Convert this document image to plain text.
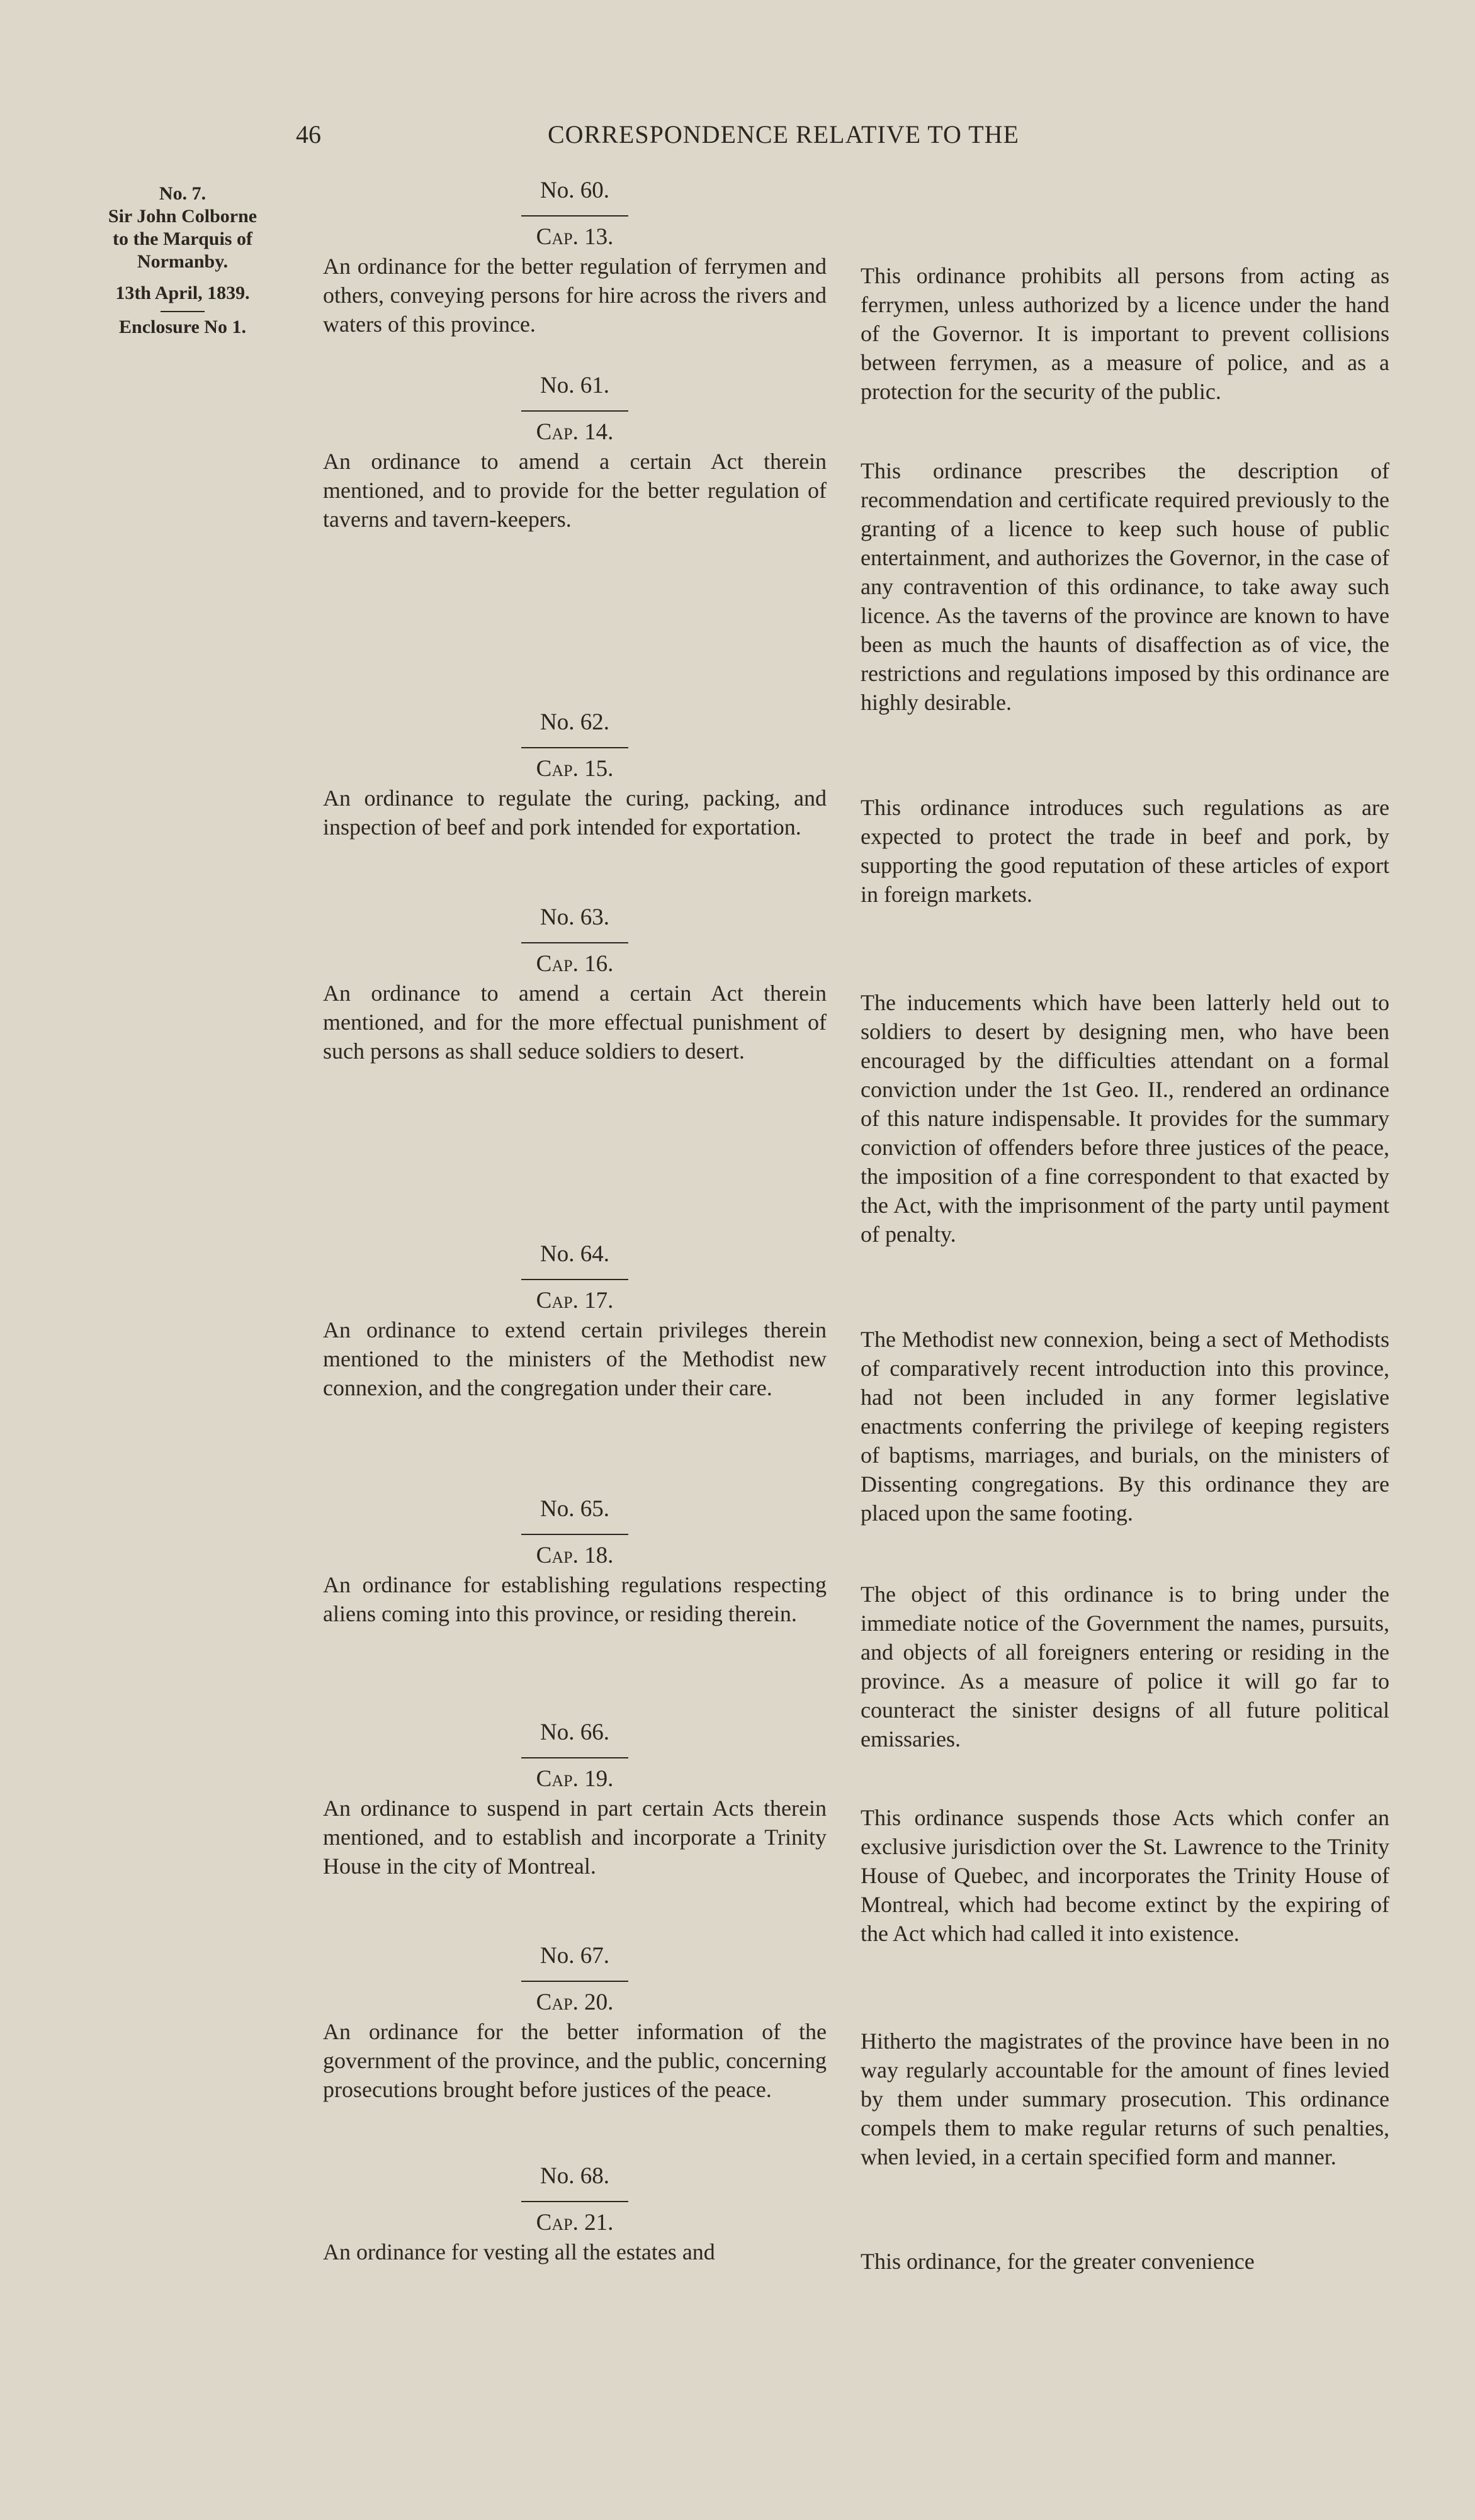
46	CORRESPONDENCE RELATIVE TO THE
No. 7.
Sir John Colborne
to the Marquis of
Normanby.
13th April, 1839.
Enclosure No 1.
No. 60.
Cap. 13.
An ordinance for the better regulation of ferrymen and others, conveying persons for hire across the rivers and waters of this province.
No. 61.
Cap. 14.
An ordinance to amend a certain Act therein mentioned, and to provide for the better regulation of taverns and tavern-keepers.
No. 62.
Cap. 15.
An ordinance to regulate the curing, packing, and inspection of beef and pork intended for exportation.
No. 63.
Cap. 16.
An ordinance to amend a certain Act therein mentioned, and for the more effectual punishment of such persons as shall seduce soldiers to desert.
No. 64.
Cap. 17.
An ordinance to extend certain privileges therein mentioned to the ministers of the Methodist new connexion, and the congregation under their care.
No. 65.
Cap. 18.
An ordinance for establishing regulations respecting aliens coming into this province, or residing therein.
No. 66.
Cap. 19.
An ordinance to suspend in part certain Acts therein mentioned, and to establish and incorporate a Trinity House in the city of Montreal.
No. 67.
Cap. 20.
An ordinance for the better information of the government of the province, and the public, concerning prosecutions brought before justices of the peace.
No. 68.
Cap. 21.
An ordinance for vesting all the estates and
This ordinance prohibits all persons from acting as ferrymen, unless authorized by a licence under the hand of the Governor. It is important to prevent collisions between ferrymen, as a measure of police, and as a protection for the security of the public.
This ordinance prescribes the description of recommendation and certificate required previously to the granting of a licence to keep such house of public entertainment, and authorizes the Governor, in the case of any contravention of this ordinance, to take away such licence. As the taverns of the province are known to have been as much the haunts of disaffection as of vice, the restrictions and regulations imposed by this ordinance are highly desirable.
This ordinance introduces such regulations as are expected to protect the trade in beef and pork, by supporting the good reputation of these articles of export in foreign markets.
The inducements which have been latterly held out to soldiers to desert by designing men, who have been encouraged by the difficulties attendant on a formal conviction under the 1st Geo. II., rendered an ordinance of this nature indispensable. It provides for the summary conviction of offenders before three justices of the peace, the imposition of a fine correspondent to that exacted by the Act, with the imprisonment of the party until payment of penalty.
The Methodist new connexion, being a sect of Methodists of comparatively recent introduction into this province, had not been included in any former legislative enactments conferring the privilege of keeping registers of baptisms, marriages, and burials, on the ministers of Dissenting congregations. By this ordinance they are placed upon the same footing.
The object of this ordinance is to bring under the immediate notice of the Government the names, pursuits, and objects of all foreigners entering or residing in the province. As a measure of police it will go far to counteract the sinister designs of all future political emissaries.
This ordinance suspends those Acts which confer an exclusive jurisdiction over the St. Lawrence to the Trinity House of Quebec, and incorporates the Trinity House of Montreal, which had become extinct by the expiring of the Act which had called it into existence.
Hitherto the magistrates of the province have been in no way regularly accountable for the amount of fines levied by them under summary prosecution. This ordinance compels them to make regular returns of such penalties, when levied, in a certain specified form and manner.
This ordinance, for the greater convenience
